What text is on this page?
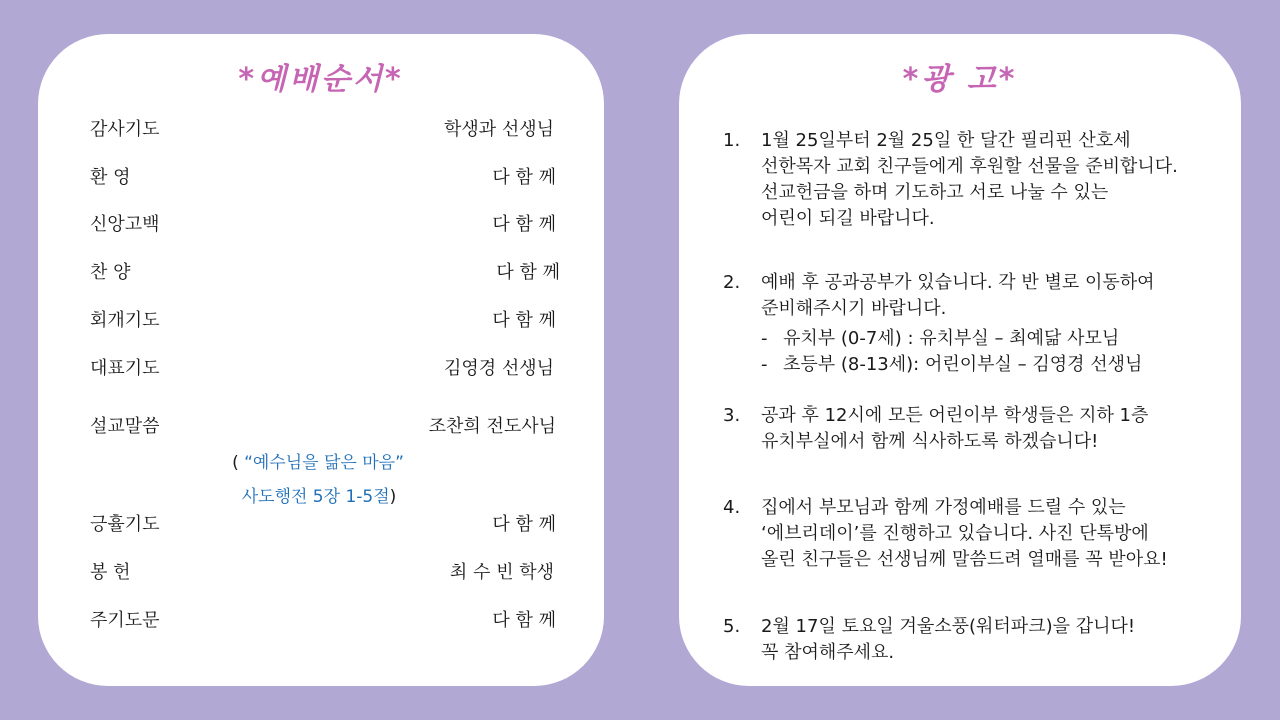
*예배순서*
감사기도	학생과 선생님
환 영	다 함 께
신앙고백	다 함 께
찬 양	다 함 께
회개기도	다 함 께
대표기도	김영경 선생님
설교말씀	조찬희 전도사님
( “예수님을 닮은 마음”
사도행전 5장 1-5절)
긍휼기도	다 함 께
봉 헌	최 수 빈 학생
주기도문	다 함 께
*광 고*
1. 1월 25일부터 2월 25일 한 달간 필리핀 산호세
선한목자 교회 친구들에게 후원할 선물을 준비합니다.
선교헌금을 하며 기도하고 서로 나눌 수 있는
어린이 되길 바랍니다.
2. 예배 후 공과공부가 있습니다. 각 반 별로 이동하여
준비해주시기 바랍니다.
- 유치부 (0-7세) : 유치부실 – 최예닮 사모님
- 초등부 (8-13세): 어린이부실 – 김영경 선생님
3. 공과 후 12시에 모든 어린이부 학생들은 지하 1층
유치부실에서 함께 식사하도록 하겠습니다!
4. 집에서 부모님과 함께 가정예배를 드릴 수 있는
‘에브리데이’를 진행하고 있습니다. 사진 단톡방에
올린 친구들은 선생님께 말씀드려 열매를 꼭 받아요!
5. 2월 17일 토요일 겨울소풍(워터파크)을 갑니다!
꼭 참여해주세요.
